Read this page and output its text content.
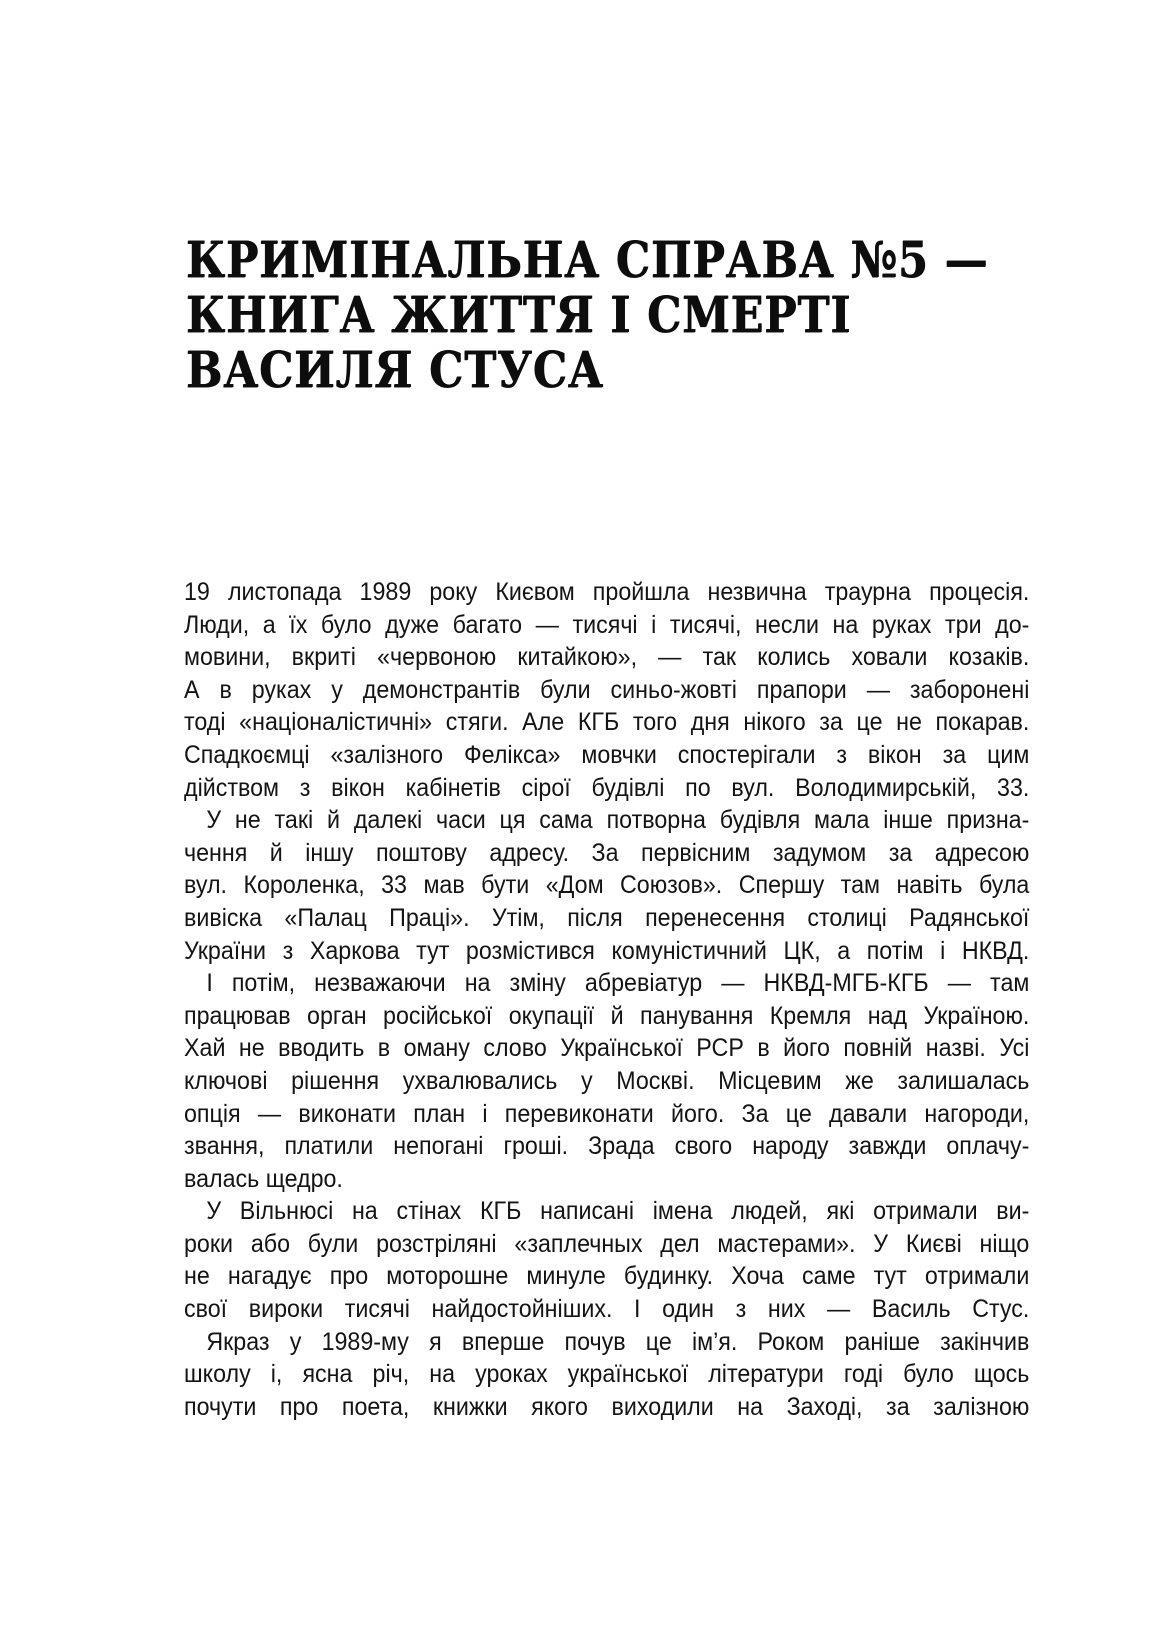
КРИМІНАЛЬНА СПРАВА №5 —
КНИГА ЖИТТЯ І СМЕРТІ
ВАСИЛЯ СТУСА
19 листопада 1989 року Києвом пройшла незвична траурна процесія.
Люди, а їх було дуже багато — тисячі і тисячі, несли на руках три до-
мовини, вкриті «червоною китайкою», — так колись ховали козаків.
А в руках у демонстрантів були синьо-жовті прапори — заборонені
тоді «націоналістичні» стяги. Але КГБ того дня нікого за це не покарав.
Спадкоємці «залізного Фелікса» мовчки спостерігали з вікон за цим
дійством з вікон кабінетів сірої будівлі по вул. Володимирській, 33.
У не такі й далекі часи ця сама потворна будівля мала інше призна-
чення й іншу поштову адресу. За первісним задумом за адресою
вул. Короленка, 33 мав бути «Дом Союзов». Спершу там навіть була
вивіска «Палац Праці». Утім, після перенесення столиці Радянської
України з Харкова тут розмістився комуністичний ЦК, а потім і НКВД.
І потім, незважаючи на зміну абревіатур — НКВД-МГБ-КГБ — там
працював орган російської окупації й панування Кремля над Україною.
Хай не вводить в оману слово Української РСР в його повній назві. Усі
ключові рішення ухвалювались у Москві. Місцевим же залишалась
опція — виконати план і перевиконати його. За це давали нагороди,
звання, платили непогані гроші. Зрада свого народу завжди оплачу-
валась щедро.
У Вільнюсі на стінах КГБ написані імена людей, які отримали ви-
роки або були розстріляні «заплечных дел мастерами». У Києві ніщо
не нагадує про моторошне минуле будинку. Хоча саме тут отримали
свої вироки тисячі найдостойніших. І один з них — Василь Стус.
Якраз у 1989-му я вперше почув це ім’я. Роком раніше закінчив
школу і, ясна річ, на уроках української літератури годі було щось
почути про поета, книжки якого виходили на Заході, за залізною
